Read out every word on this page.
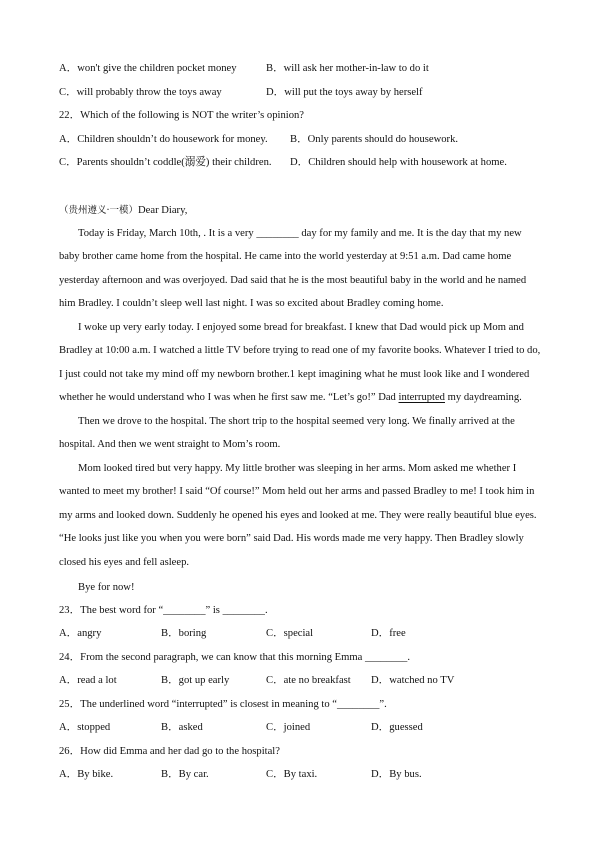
A．won't give the children pocket money	B．will ask her mother-in-law to do it
C．will probably throw the toys away	D．will put the toys away by herself
22．Which of the following is NOT the writer’s opinion?
A．Children shouldn’t do housework for money. B．Only parents should do housework.
C．Parents shouldn’t coddle(溺爱) their children. D．Children should help with housework at home.
（贵州遵义·一模）Dear Diary,
Today is Friday, March 10th, . It is a very ________ day for my family and me. It is the day that my new
baby brother came home from the hospital. He came into the world yesterday at 9:51 a.m. Dad came home
yesterday afternoon and was overjoyed. Dad said that he is the most beautiful baby in the world and he named
him Bradley. I couldn’t sleep well last night. I was so excited about Bradley coming home.
I woke up very early today. I enjoyed some bread for breakfast. I knew that Dad would pick up Mom and
Bradley at 10:00 a.m. I watched a little TV before trying to read one of my favorite books. Whatever I tried to do,
I just could not take my mind off my newborn brother.1 kept imagining what he must look like and I wondered
whether he would understand who I was when he first saw me. “Let’s go!” Dad interrupted my daydreaming.
Then we drove to the hospital. The short trip to the hospital seemed very long. We finally arrived at the
hospital. And then we went straight to Mom’s room.
Mom looked tired but very happy. My little brother was sleeping in her arms. Mom asked me whether I
wanted to meet my brother! I said “Of course!” Mom held out her arms and passed Bradley to me! I took him in
my arms and looked down. Suddenly he opened his eyes and looked at me. They were really beautiful blue eyes.
“He looks just like you when you were born” said Dad. His words made me very happy. Then Bradley slowly
closed his eyes and fell asleep.
Bye for now!
23．The best word for “________” is ________.
A．angry	B．boring	C．special	D．free
24．From the second paragraph, we can know that this morning Emma ________.
A．read a lot	B．got up early	C．ate no breakfast D．watched no TV
25．The underlined word “interrupted” is closest in meaning to “________”.
A．stopped	B．asked	C．joined	D．guessed
26．How did Emma and her dad go to the hospital?
A．By bike.	B．By car.	C．By taxi.	D．By bus.
